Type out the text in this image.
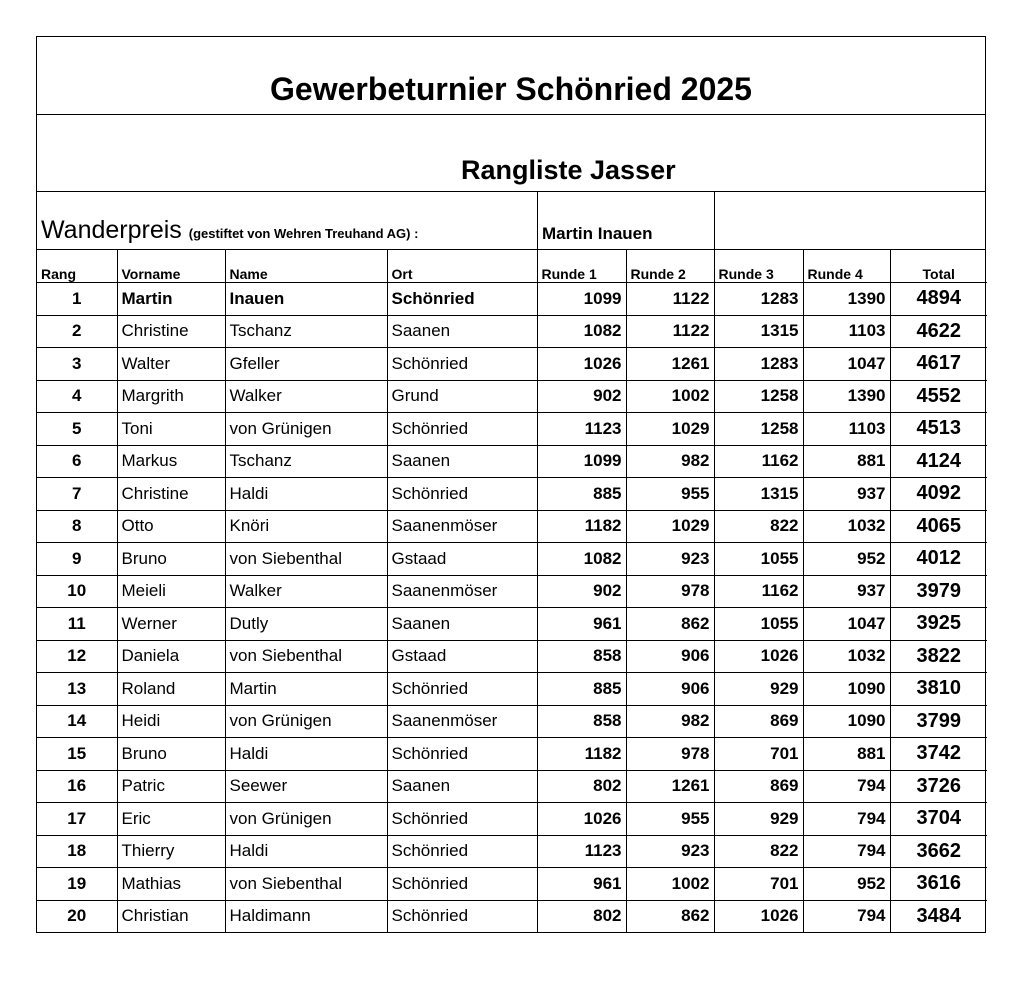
Gewerbeturnier Schönried 2025
Rangliste Jasser
Wanderpreis (gestiftet von Wehren Treuhand AG) :	Martin Inauen
Rang	Vorname	Name	Ort	Runde 1	Runde 2	Runde 3	Runde 4	Total
1	Martin	Inauen	Schönried	1099	1122	1283	1390	4894
2	Christine	Tschanz	Saanen	1082	1122	1315	1103	4622
3	Walter	Gfeller	Schönried	1026	1261	1283	1047	4617
4	Margrith	Walker	Grund	902	1002	1258	1390	4552
5	Toni	von Grünigen	Schönried	1123	1029	1258	1103	4513
6	Markus	Tschanz	Saanen	1099	982	1162	881	4124
7	Christine	Haldi	Schönried	885	955	1315	937	4092
8	Otto	Knöri	Saanenmöser	1182	1029	822	1032	4065
9	Bruno	von Siebenthal	Gstaad	1082	923	1055	952	4012
10	Meieli	Walker	Saanenmöser	902	978	1162	937	3979
11	Werner	Dutly	Saanen	961	862	1055	1047	3925
12	Daniela	von Siebenthal	Gstaad	858	906	1026	1032	3822
13	Roland	Martin	Schönried	885	906	929	1090	3810
14	Heidi	von Grünigen	Saanenmöser	858	982	869	1090	3799
15	Bruno	Haldi	Schönried	1182	978	701	881	3742
16	Patric	Seewer	Saanen	802	1261	869	794	3726
17	Eric	von Grünigen	Schönried	1026	955	929	794	3704
18	Thierry	Haldi	Schönried	1123	923	822	794	3662
19	Mathias	von Siebenthal	Schönried	961	1002	701	952	3616
20	Christian	Haldimann	Schönried	802	862	1026	794	3484
